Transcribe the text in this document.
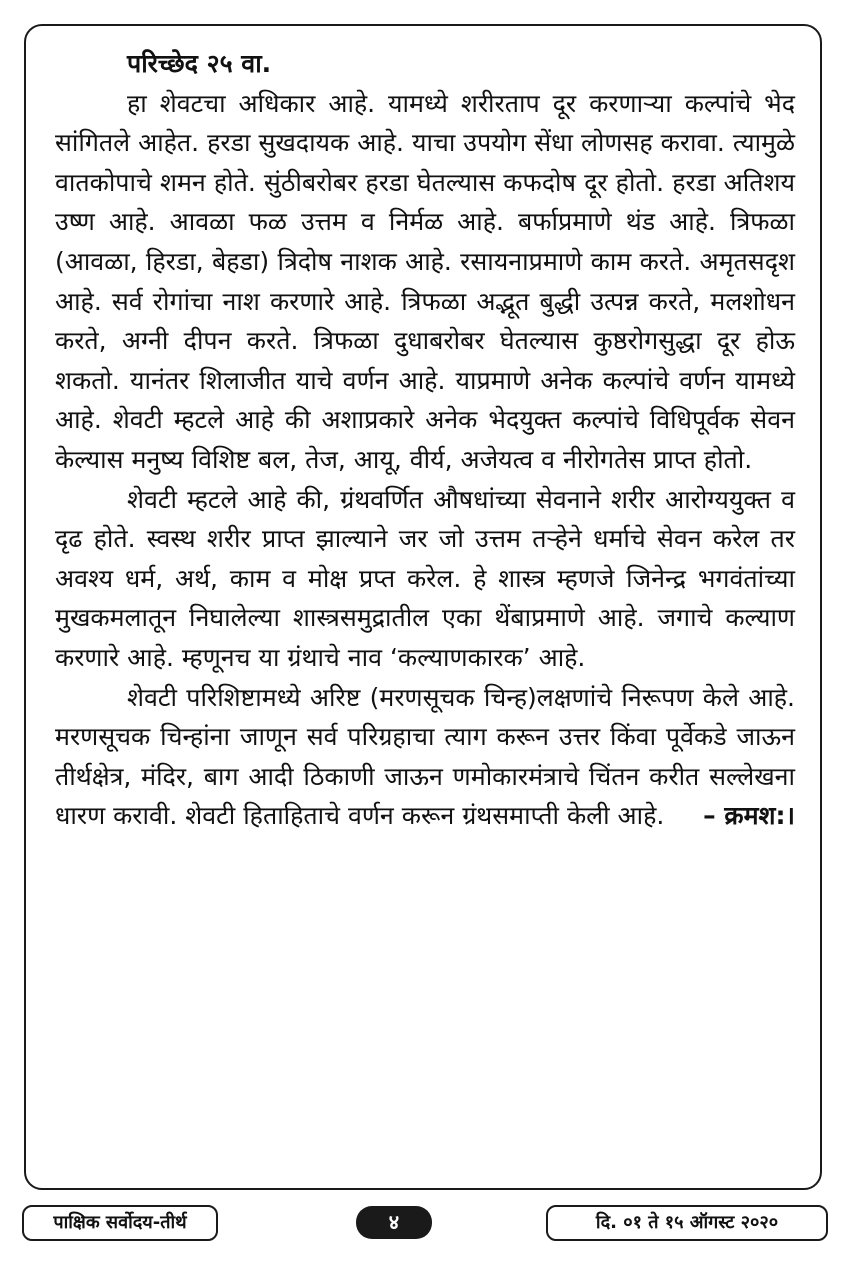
परिच्छेद २५ वा.

हा शेवटचा अधिकार आहे. यामध्ये शरीरताप दूर करणाऱ्या कल्पांचे भेद सांगितले आहेत. हरडा सुखदायक आहे. याचा उपयोग सेंधा लोणसह करावा. त्यामुळे वातकोपाचे शमन होते. सुंठीबरोबर हरडा घेतल्यास कफदोष दूर होतो. हरडा अतिशय उष्ण आहे. आवळा फळ उत्तम व निर्मळ आहे. बर्फाप्रमाणे थंड आहे. त्रिफळा (आवळा, हिरडा, बेहडा) त्रिदोष नाशक आहे. रसायनाप्रमाणे काम करते. अमृतसदृश आहे. सर्व रोगांचा नाश करणारे आहे. त्रिफळा अद्भूत बुद्धी उत्पन्न करते, मलशोधन करते, अग्नी दीपन करते. त्रिफळा दुधाबरोबर घेतल्यास कुष्ठरोगसुद्धा दूर होऊ शकतो. यानंतर शिलाजीत याचे वर्णन आहे. याप्रमाणे अनेक कल्पांचे वर्णन यामध्ये आहे. शेवटी म्हटले आहे की अशाप्रकारे अनेक भेदयुक्त कल्पांचे विधिपूर्वक सेवन केल्यास मनुष्य विशिष्ट बल, तेज, आयू, वीर्य, अजेयत्व व नीरोगतेस प्राप्त होतो.

शेवटी म्हटले आहे की, ग्रंथवर्णित औषधांच्या सेवनाने शरीर आरोग्ययुक्त व दृढ होते. स्वस्थ शरीर प्राप्त झाल्याने जर जो उत्तम तऱ्हेने धर्माचे सेवन करेल तर अवश्य धर्म, अर्थ, काम व मोक्ष प्रप्त करेल. हे शास्त्र म्हणजे जिनेन्द्र भगवंतांच्या मुखकमलातून निघालेल्या शास्त्रसमुद्रातील एका थेंबाप्रमाणे आहे. जगाचे कल्याण करणारे आहे. म्हणूनच या ग्रंथाचे नाव ‘कल्याणकारक’ आहे.

शेवटी परिशिष्टामध्ये अरिष्ट (मरणसूचक चिन्ह)लक्षणांचे निरूपण केले आहे. मरणसूचक चिन्हांना जाणून सर्व परिग्रहाचा त्याग करून उत्तर किंवा पूर्वेकडे जाऊन तीर्थक्षेत्र, मंदिर, बाग आदी ठिकाणी जाऊन णमोकारमंत्राचे चिंतन करीत सल्लेखना धारण करावी. शेवटी हिताहिताचे वर्णन करून ग्रंथसमाप्ती केली आहे. – क्रमश:।

पाक्षिक सर्वोदय-तीर्थ	४	दि. ०१ ते १५ ऑगस्ट २०२०
